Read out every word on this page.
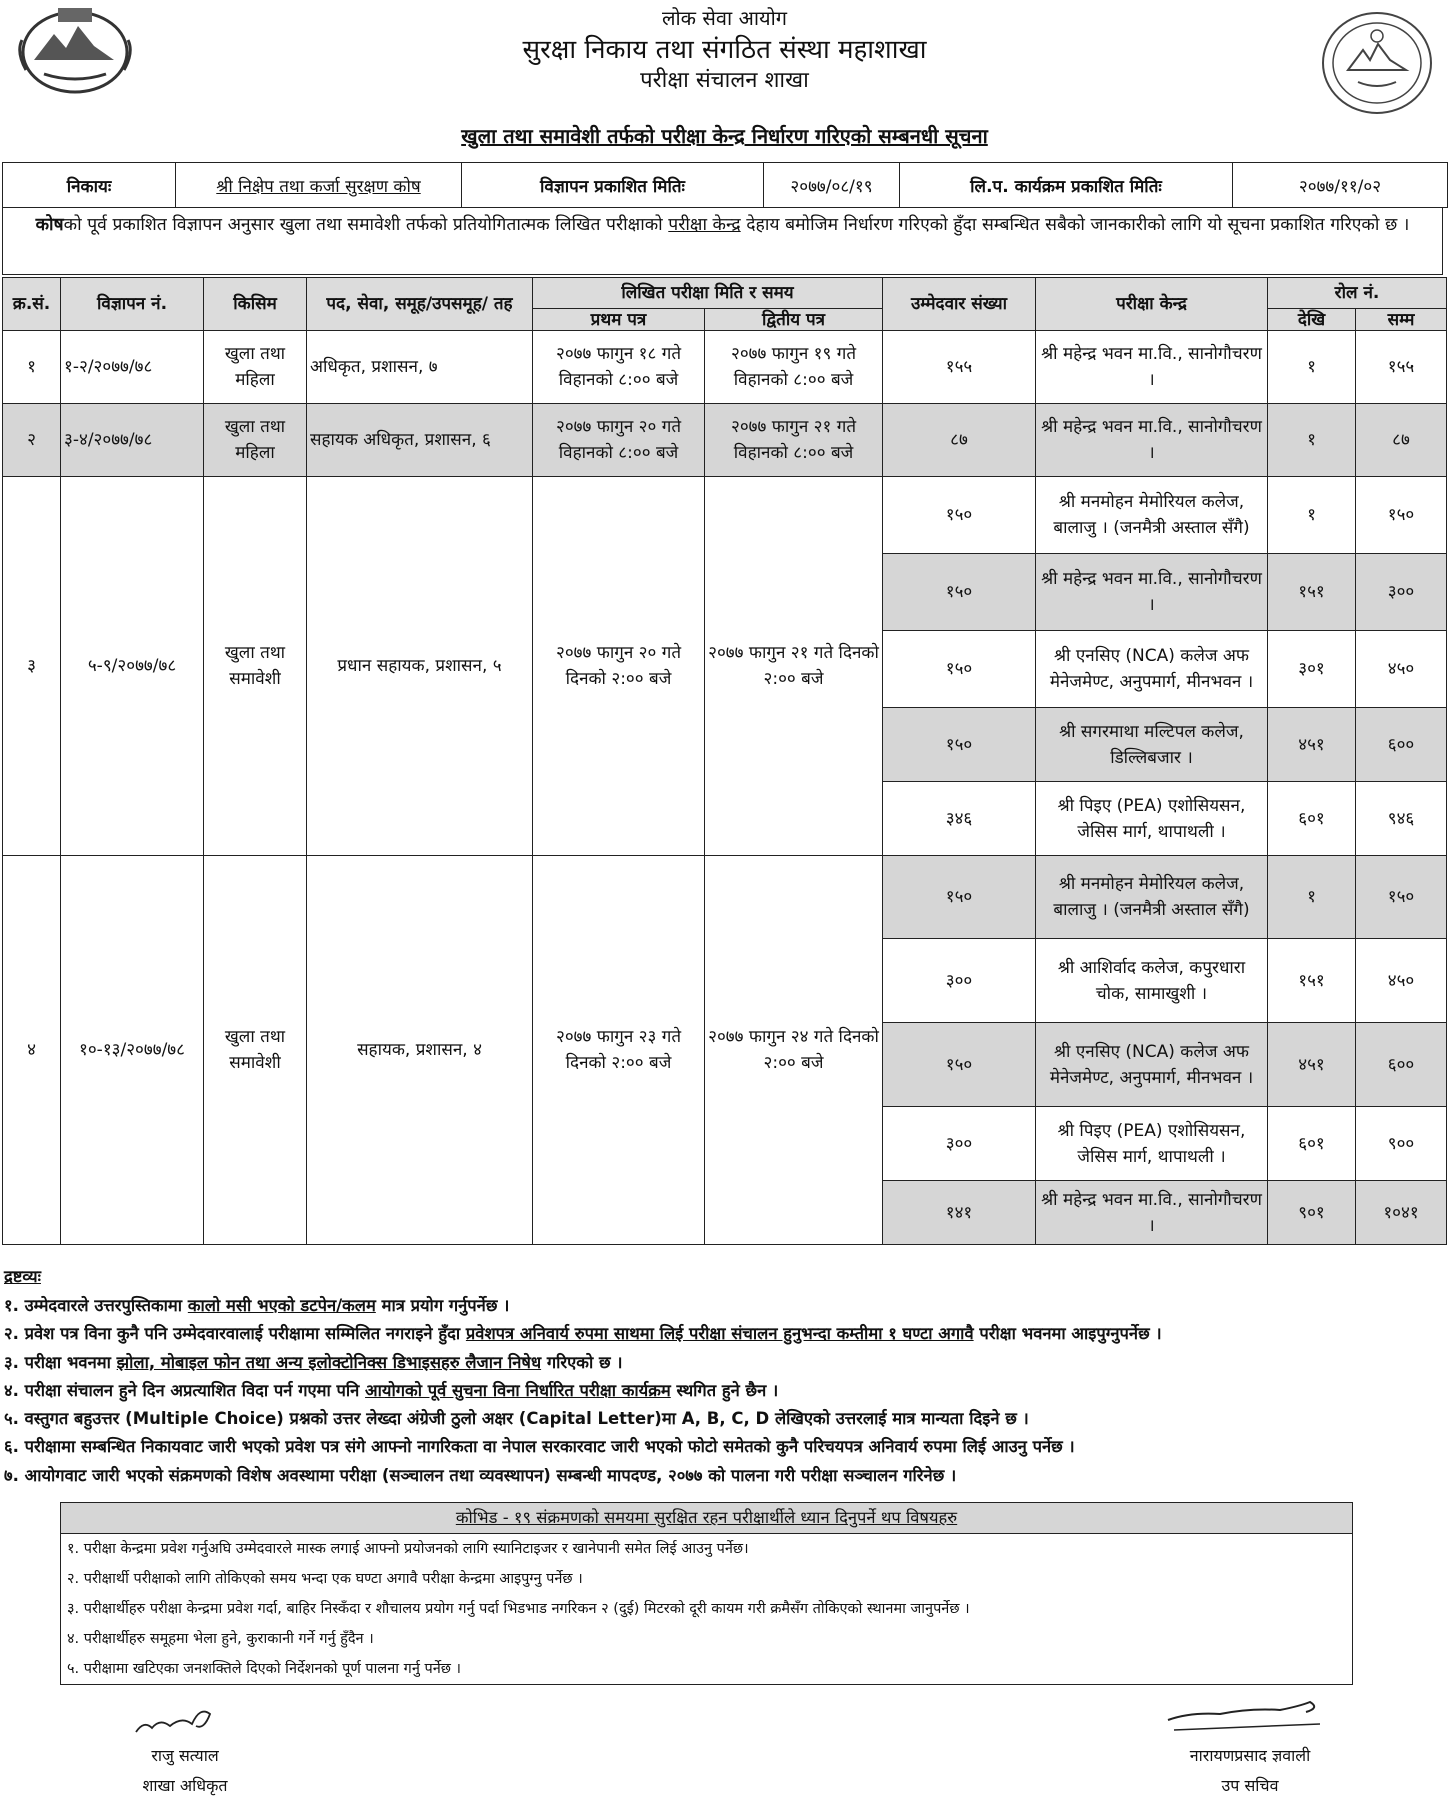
लोक सेवा आयोग
सुरक्षा निकाय तथा संगठित संस्था महाशाखा
परीक्षा संचालन शाखा
खुला तथा समावेशी तर्फको परीक्षा केन्द्र निर्धारण गरिएको सम्बनधी सूचना
निकायः	श्री निक्षेप तथा कर्जा सुरक्षण कोष	विज्ञापन प्रकाशित मितिः	२०७७/०८/१९	लि.प. कार्यक्रम प्रकाशित मितिः	२०७७/११/०२
कोषको पूर्व प्रकाशित विज्ञापन अनुसार खुला तथा समावेशी तर्फको प्रतियोगितात्मक लिखित परीक्षाको परीक्षा केन्द्र देहाय बमोजिम निर्धारण गरिएको हुँदा सम्बन्धित सबैको जानकारीको लागि यो सूचना प्रकाशित गरिएको छ ।
क्र.सं.	विज्ञापन नं.	किसिम	पद, सेवा, समूह/उपसमूह/ तह	लिखित परीक्षा मिति र समय		उम्मेदवार संख्या	परीक्षा केन्द्र	रोल नं.	
				प्रथम पत्र	द्वितीय पत्र			देखि	सम्म
१	१-२/२०७७/७८	खुला तथा महिला	अधिकृत, प्रशासन, ७	२०७७ फागुन १८ गते विहानको ८:०० बजे	२०७७ फागुन १९ गते विहानको ८:०० बजे	१५५	श्री महेन्द्र भवन मा.वि., सानोगौचरण ।	१	१५५
२	३-४/२०७७/७८	खुला तथा महिला	सहायक अधिकृत, प्रशासन, ६	२०७७ फागुन २० गते विहानको ८:०० बजे	२०७७ फागुन २१ गते विहानको ८:०० बजे	८७	श्री महेन्द्र भवन मा.वि., सानोगौचरण ।	१	८७
३	५-९/२०७७/७८	खुला तथा समावेशी	प्रधान सहायक, प्रशासन, ५	२०७७ फागुन २० गते दिनको २:०० बजे	२०७७ फागुन २१ गते दिनको २:०० बजे	१५०	श्री मनमोहन मेमोरियल कलेज, बालाजु । (जनमैत्री अस्ताल सँगै)	१	१५०
						१५०	श्री महेन्द्र भवन मा.वि., सानोगौचरण ।	१५१	३००
						१५०	श्री एनसिए (NCA) कलेज अफ मेनेजमेण्ट, अनुपमार्ग, मीनभवन ।	३०१	४५०
						१५०	श्री सगरमाथा मल्टिपल कलेज, डिल्लिबजार ।	४५१	६००
						३४६	श्री पिइए (PEA) एशोसियसन, जेसिस मार्ग, थापाथली ।	६०१	९४६
४	१०-१३/२०७७/७८	खुला तथा समावेशी	सहायक, प्रशासन, ४	२०७७ फागुन २३ गते दिनको २:०० बजे	२०७७ फागुन २४ गते दिनको २:०० बजे	१५०	श्री मनमोहन मेमोरियल कलेज, बालाजु । (जनमैत्री अस्ताल सँगै)	१	१५०
						३००	श्री आशिर्वाद कलेज, कपुरधारा चोक, सामाखुशी ।	१५१	४५०
						१५०	श्री एनसिए (NCA) कलेज अफ मेनेजमेण्ट, अनुपमार्ग, मीनभवन ।	४५१	६००
						३००	श्री पिइए (PEA) एशोसियसन, जेसिस मार्ग, थापाथली ।	६०१	९००
						१४१	श्री महेन्द्र भवन मा.वि., सानोगौचरण ।	९०१	१०४१
द्रष्टव्यः
१. उम्मेदवारले उत्तरपुस्तिकामा कालो मसी भएको डटपेन/कलम मात्र प्रयोग गर्नुपर्नेछ ।
२. प्रवेश पत्र विना कुनै पनि उम्मेदवारवालाई परीक्षामा सम्मिलित नगराइने हुँदा प्रवेशपत्र अनिवार्य रुपमा साथमा लिई परीक्षा संचालन हुनुभन्दा कम्तीमा १ घण्टा अगावै परीक्षा भवनमा आइपुग्नुपर्नेछ ।
३. परीक्षा भवनमा झोला, मोबाइल फोन तथा अन्य इलोक्टोनिक्स डिभाइसहरु लैजान निषेध गरिएको छ ।
४. परीक्षा संचालन हुने दिन अप्रत्याशित विदा पर्न गएमा पनि आयोगको पूर्व सुचना विना निर्धारित परीक्षा कार्यक्रम स्थगित हुने छैन ।
५. वस्तुगत बहुउत्तर (Multiple Choice) प्रश्नको उत्तर लेख्दा अंग्रेजी ठुलो अक्षर (Capital Letter)मा A, B, C, D लेखिएको उत्तरलाई मात्र मान्यता दिइने छ ।
६. परीक्षामा सम्बन्धित निकायवाट जारी भएको प्रवेश पत्र संगे आफ्नो नागरिकता वा नेपाल सरकारवाट जारी भएको फोटो समेतको कुनै परिचयपत्र अनिवार्य रुपमा लिई आउनु पर्नेछ ।
७. आयोगवाट जारी भएको संक्रमणको विशेष अवस्थामा परीक्षा (सञ्चालन तथा व्यवस्थापन) सम्बन्धी मापदण्ड, २०७७ को पालना गरी परीक्षा सञ्चालन गरिनेछ ।
कोभिड - १९ संक्रमणको समयमा सुरक्षित रहन परीक्षार्थीले ध्यान दिनुपर्ने थप विषयहरु
१. परीक्षा केन्द्रमा प्रवेश गर्नुअघि उम्मेदवारले मास्क लगाई आफ्नो प्रयोजनको लागि स्यानिटाइजर र खानेपानी समेत लिई आउनु पर्नेछ।
२. परीक्षार्थी परीक्षाको लागि तोकिएको समय भन्दा एक घण्टा अगावै परीक्षा केन्द्रमा आइपुग्नु पर्नेछ ।
३. परीक्षार्थीहरु परीक्षा केन्द्रमा प्रवेश गर्दा, बाहिर निस्कँदा र शौचालय प्रयोग गर्नु पर्दा भिडभाड नगरिकन २ (दुई) मिटरको दूरी कायम गरी क्रमैसँग तोकिएको स्थानमा जानुपर्नेछ ।
४. परीक्षार्थीहरु समूहमा भेला हुने, कुराकानी गर्ने गर्नु हुँदैन ।
५. परीक्षामा खटिएका जनशक्तिले दिएको निर्देशनको पूर्ण पालना गर्नु पर्नेछ ।
राजु सत्याल
शाखा अधिकृत
नारायणप्रसाद ज्ञवाली
उप सचिव
